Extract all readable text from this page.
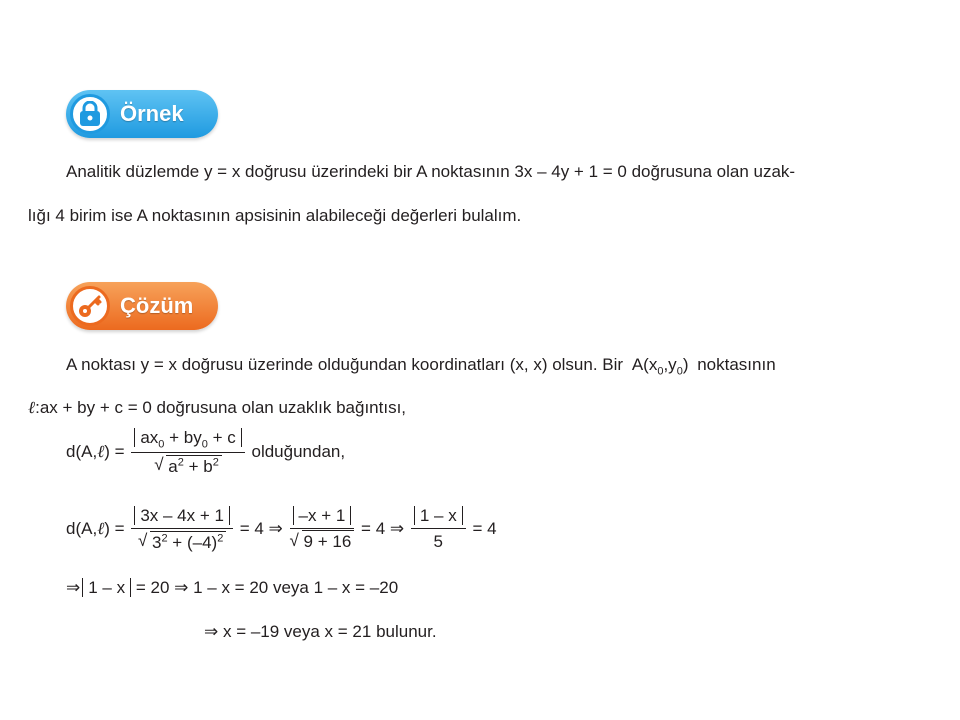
Örnek
Analitik düzlemde y = x doğrusu üzerindeki bir A noktasının 3x – 4y + 1 = 0 doğrusuna olan uzak-
lığı 4 birim ise A noktasının apsisinin alabileceği değerleri bulalım.
Çözüm
A noktası y = x doğrusu üzerinde olduğundan koordinatları (x, x) olsun. Bir $A(x_0,y_0)$ noktasının
ℓ:ax + by + c = 0 doğrusuna olan uzaklık bağıntısı,
d(A,ℓ) = $ax_0 + by_0 + c$
√ $a^2 + b^2$ olduğundan,
d(A,ℓ) = 3x – 4x + 1
√ $3^2 + (-4)^2 = 4$ ⇒ –x + 1
√ 9 + 16 = 4 ⇒ $\frac{1 - x}{5} = 4$
⇒ 1 – x = 20 ⇒ 1 – x = 20 veya 1 – x = –20
⇒ x = –19 veya x = 21 bulunur.
